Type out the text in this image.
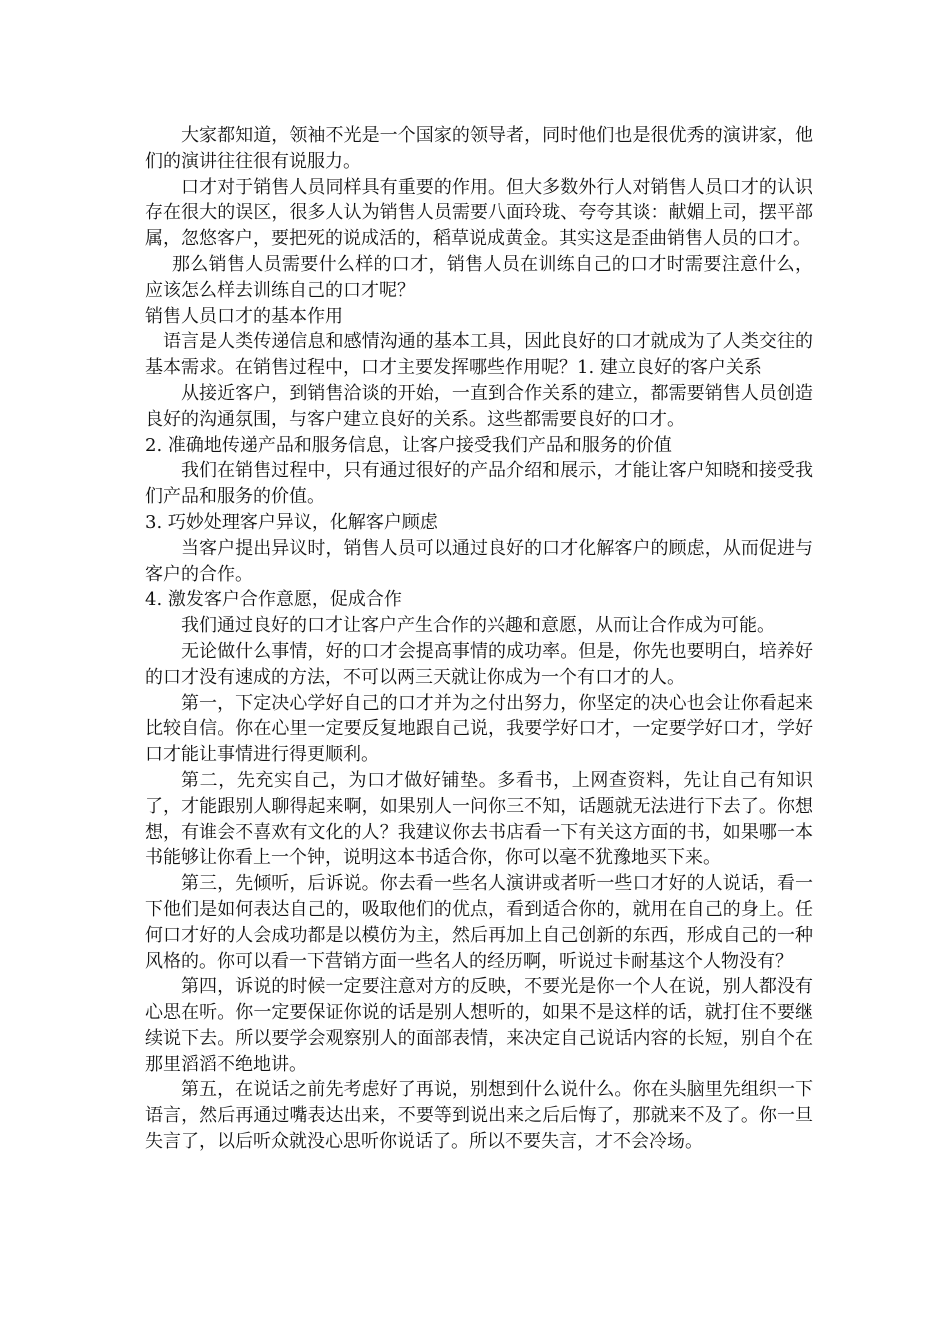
大家都知道，领袖不光是一个国家的领导者，同时他们也是很优秀的演讲家，他们的演讲往往很有说服力。

口才对于销售人员同样具有重要的作用。但大多数外行人对销售人员口才的认识存在很大的误区，很多人认为销售人员需要八面玲珑、夸夸其谈：献媚上司，摆平部属，忽悠客户，要把死的说成活的，稻草说成黄金。其实这是歪曲销售人员的口才。

那么销售人员需要什么样的口才，销售人员在训练自己的口才时需要注意什么，应该怎么样去训练自己的口才呢？

销售人员口才的基本作用

语言是人类传递信息和感情沟通的基本工具，因此良好的口才就成为了人类交往的基本需求。在销售过程中，口才主要发挥哪些作用呢？1. 建立良好的客户关系

从接近客户，到销售洽谈的开始，一直到合作关系的建立，都需要销售人员创造良好的沟通氛围，与客户建立良好的关系。这些都需要良好的口才。

2. 准确地传递产品和服务信息，让客户接受我们产品和服务的价值

我们在销售过程中，只有通过很好的产品介绍和展示，才能让客户知晓和接受我们产品和服务的价值。

3. 巧妙处理客户异议，化解客户顾虑

当客户提出异议时，销售人员可以通过良好的口才化解客户的顾虑，从而促进与客户的合作。

4. 激发客户合作意愿，促成合作

我们通过良好的口才让客户产生合作的兴趣和意愿，从而让合作成为可能。

无论做什么事情，好的口才会提高事情的成功率。但是，你先也要明白，培养好的口才没有速成的方法，不可以两三天就让你成为一个有口才的人。

第一，下定决心学好自己的口才并为之付出努力，你坚定的决心也会让你看起来比较自信。你在心里一定要反复地跟自己说，我要学好口才，一定要学好口才，学好口才能让事情进行得更顺利。

第二，先充实自己，为口才做好铺垫。多看书，上网查资料，先让自己有知识了，才能跟别人聊得起来啊，如果别人一问你三不知，话题就无法进行下去了。你想想，有谁会不喜欢有文化的人？我建议你去书店看一下有关这方面的书，如果哪一本书能够让你看上一个钟，说明这本书适合你，你可以毫不犹豫地买下来。

第三，先倾听，后诉说。你去看一些名人演讲或者听一些口才好的人说话，看一下他们是如何表达自己的，吸取他们的优点，看到适合你的，就用在自己的身上。任何口才好的人会成功都是以模仿为主，然后再加上自己创新的东西，形成自己的一种风格的。你可以看一下营销方面一些名人的经历啊，听说过卡耐基这个人物没有？

第四，诉说的时候一定要注意对方的反映，不要光是你一个人在说，别人都没有心思在听。你一定要保证你说的话是别人想听的，如果不是这样的话，就打住不要继续说下去。所以要学会观察别人的面部表情，来决定自己说话内容的长短，别自个在那里滔滔不绝地讲。

第五，在说话之前先考虑好了再说，别想到什么说什么。你在头脑里先组织一下语言，然后再通过嘴表达出来，不要等到说出来之后后悔了，那就来不及了。你一旦失言了，以后听众就没心思听你说话了。所以不要失言，才不会冷场。
